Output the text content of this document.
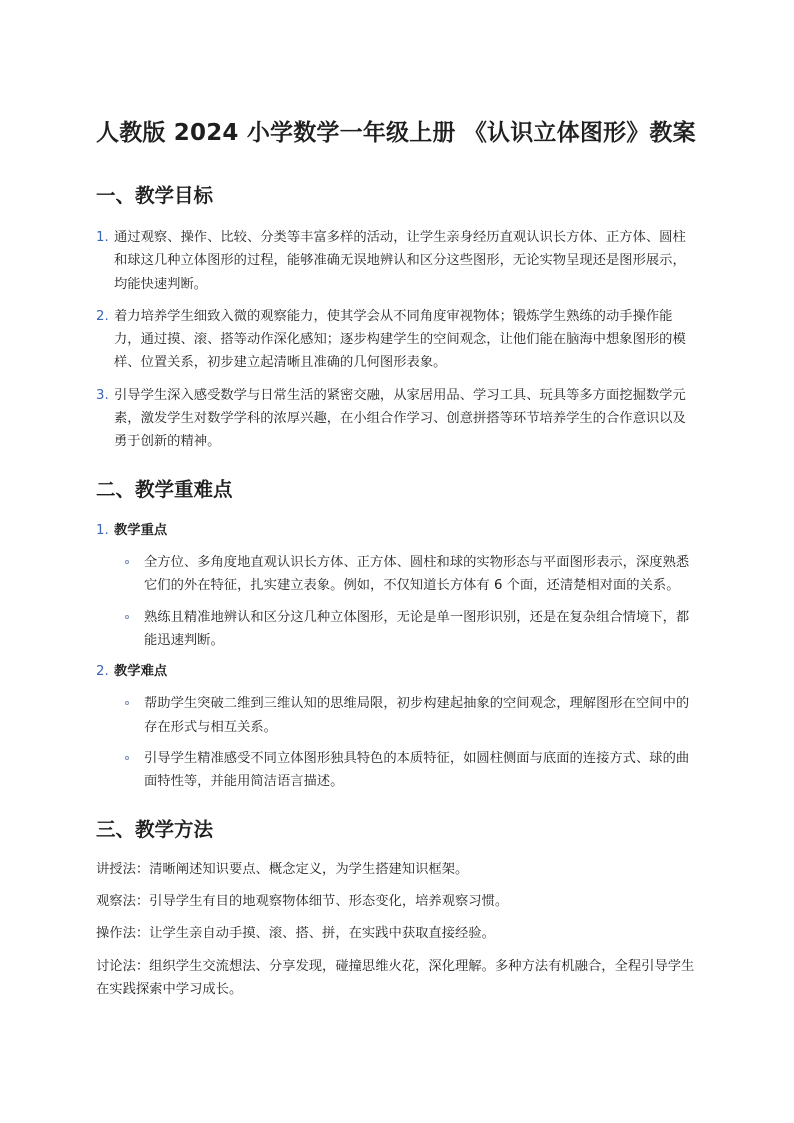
人教版 2024 小学数学一年级上册 《认识立体图形》教案
一、教学目标
1. 通过观察、操作、比较、分类等丰富多样的活动，让学生亲身经历直观认识长方体、正方体、圆柱和球这几种立体图形的过程，能够准确无误地辨认和区分这些图形，无论实物呈现还是图形展示，均能快速判断。
2. 着力培养学生细致入微的观察能力，使其学会从不同角度审视物体；锻炼学生熟练的动手操作能力，通过摸、滚、搭等动作深化感知；逐步构建学生的空间观念，让他们能在脑海中想象图形的模样、位置关系，初步建立起清晰且准确的几何图形表象。
3. 引导学生深入感受数学与日常生活的紧密交融，从家居用品、学习工具、玩具等多方面挖掘数学元素，激发学生对数学学科的浓厚兴趣，在小组合作学习、创意拼搭等环节培养学生的合作意识以及勇于创新的精神。
二、教学重难点
1. 教学重点
全方位、多角度地直观认识长方体、正方体、圆柱和球的实物形态与平面图形表示，深度熟悉它们的外在特征，扎实建立表象。例如，不仅知道长方体有 6 个面，还清楚相对面的关系。
熟练且精准地辨认和区分这几种立体图形，无论是单一图形识别，还是在复杂组合情境下，都能迅速判断。
2. 教学难点
帮助学生突破二维到三维认知的思维局限，初步构建起抽象的空间观念，理解图形在空间中的存在形式与相互关系。
引导学生精准感受不同立体图形独具特色的本质特征，如圆柱侧面与底面的连接方式、球的曲面特性等，并能用简洁语言描述。
三、教学方法

讲授法：清晰阐述知识要点、概念定义，为学生搭建知识框架。

观察法：引导学生有目的地观察物体细节、形态变化，培养观察习惯。

操作法：让学生亲自动手摸、滚、搭、拼，在实践中获取直接经验。

讨论法：组织学生交流想法、分享发现，碰撞思维火花，深化理解。多种方法有机融合，全程引导学生在实践探索中学习成长。
